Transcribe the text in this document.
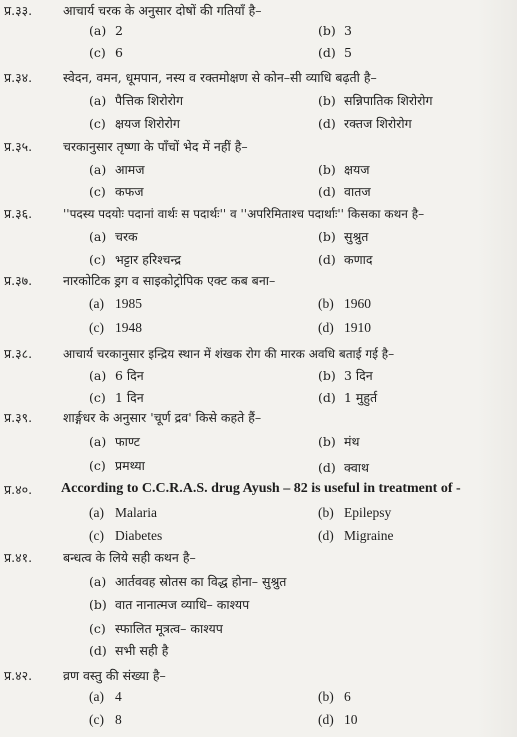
प्र.३३. आचार्य चरक के अनुसार दोषों की गतियाँ है–
(a) 2	(b) 3
(c) 6	(d) 5
प्र.३४. स्वेदन, वमन, धूमपान, नस्य व रक्तमोक्षण से कोन–सी व्याधि बढ़ती है–
(a) पैत्तिक शिरोरोग	(b) सन्निपातिक शिरोरोग
(c) क्षयज शिरोरोग	(d) रक्तज शिरोरोग
प्र.३५. चरकानुसार तृष्णा के पाँचों भेद में नहीं है–
(a) आमज	(b) क्षयज
(c) कफज	(d) वातज
प्र.३६.	''पदस्य पदयोः पदानां वार्थः स पदार्थः'' व ''अपरिमिताश्च पदार्थाः'' किसका कथन है–
(a) चरक	(b) सुश्रुत
(c) भट्टार हरिश्चन्द्र	(d) कणाद
प्र.३७. नारकोटिक ड्रग व साइकोट्रोपिक एक्ट कब बना–
(a) 1985	(b) 1960
(c) 1948	(d) 1910
प्र.३८.	आचार्य चरकानुसार इन्द्रिय स्थान में शंखक रोग की मारक अवधि बताई गई है–
(a) 6 दिन	(b) 3 दिन
(c) 1 दिन	(d) 1 मुहुर्त
प्र.३९. शार्ङ्गधर के अनुसार 'चूर्ण द्रव' किसे कहते हैं–
(a) फाण्ट	(b) मंथ
(c) प्रमथ्या	(d) क्वाथ
प्र.४०. According to C.C.R.A.S. drug Ayush – 82 is useful in treatment of -
(a) Malaria	(b) Epilepsy
(c) Diabetes	(d) Migraine
प्र.४१. बन्धत्व के लिये सही कथन है–
(a) आर्तववह स्रोतस का विद्ध होना– सुश्रुत
(b) वात नानात्मज व्याधि– काश्यप
(c) स्फालित मूत्रत्व– काश्यप
(d) सभी सही है
प्र.४२. व्रण वस्तु की संख्या है–
(a) 4	(b) 6
(c) 8	(d) 10
